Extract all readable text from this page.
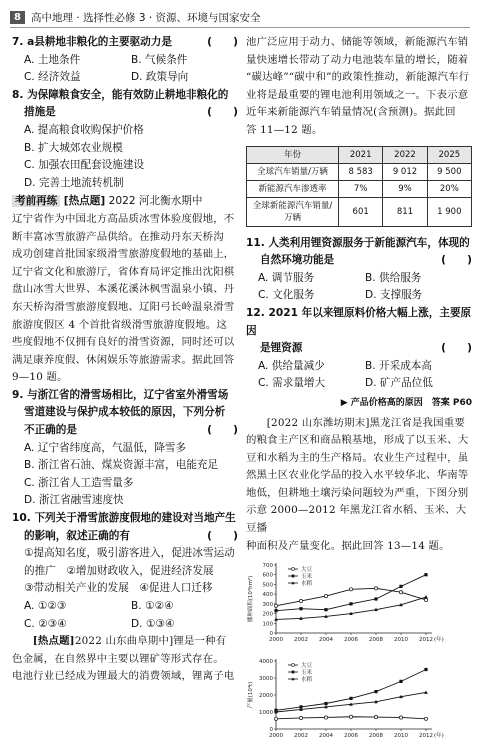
8 高中地理 · 选择性必修 3 · 资源、环境与国家安全
7. a县耕地非粮化的主要驱动力是	(　　)
A. 土地条件	B. 气候条件
C. 经济效益	D. 政策导向
8. 为保障粮食安全，能有效防止耕地非粮化的
措施是	(　　)
A. 提高粮食收购保护价格
B. 扩大城郊农业规模
C. 加强农田配套设施建设
D. 完善土地流转机制
考前再练 [热点题] 2022 河北衡水期中
辽宁省作为中国北方高品质冰雪体验度假地，不
断丰富冰雪旅游产品供给。在推动丹东天桥沟
成功创建首批国家级滑雪旅游度假地的基础上，
辽宁省文化和旅游厅，省体育局评定推出沈阳棋
盘山冰雪大世界、本溪花溪沐枫雪温泉小镇、丹
东天桥沟滑雪旅游度假地、辽阳弓长岭温泉滑雪
旅游度假区 4 个首批省级滑雪旅游度假地。这
些度假地不仅拥有良好的滑雪资源，同时还可以
满足康养度假、休闲娱乐等旅游需求。据此回答
9—10 题。
9. 与浙江省的滑雪场相比，辽宁省室外滑雪场
雪道建设与保护成本较低的原因，下列分析
不正确的是	(　　)
A. 辽宁省纬度高，气温低，降雪多
B. 浙江省石油、煤炭资源丰富，电能充足
C. 浙江省人工造雪量多
D. 浙江省融雪速度快
10. 下列关于滑雪旅游度假地的建设对当地产生
的影响，叙述正确的有	(　　)
①提高知名度，吸引游客进入，促进冰雪运动
的推广　②增加财政收入，促进经济发展
③带动相关产业的发展　④促进人口迁移
A. ①②③	B. ①②④
C. ②③④	D. ①③④
[热点题]2022 山东曲阜期中]锂是一种有
色金属，在自然界中主要以锂矿等形式存在。
电池行业已经成为锂最大的消费领域，锂离子电
池广泛应用于动力、储能等领域，新能源汽车销
量快速增长带动了动力电池装车量的增长，随着
“碳达峰”“碳中和”的政策性推动，新能源汽车行
业将是最重要的锂电池利用领域之一。下表示意
近年来新能源汽车销量情况(含预测)。据此回
答 11—12 题。
年份	2021	2022	2025
全球汽车销量/万辆	8 583	9 012	9 500
新能源汽车渗透率	7%	9%	20%
全球新能源汽车销量/万辆	601	811	1 900
11. 人类利用锂资源服务于新能源汽车，体现的
自然环境功能是	(　　)
A. 调节服务	B. 供给服务
C. 文化服务	D. 支撑服务
12. 2021 年以来锂原料价格大幅上涨，主要原因
是锂资源	(　　)
A. 供给量减少	B. 开采成本高
C. 需求量增大	D. 矿产品位低
▶ 产品价格高的原因　答案 P60
[2022 山东潍坊期末]黑龙江省是我国重要
的粮食主产区和商品粮基地，形成了以玉米、大
豆和水稻为主的生产格局。农业生产过程中，虽
然黑土区农业化学品的投入水平较华北、华南等
地低，但耕地土壤污染问题较为严重，下图分别
示意 2000—2012 年黑龙江省水稻、玉米、大豆播
种面积及产量变化。据此回答 13—14 题。
0
100
200
300
400
500
600
700
2000 2002 2004 2006 2008 2010 2012 (年)
播种面积(10⁴hm²)
大豆
玉米
水稻
0
1000
2000
3000
4000
2000 2002 2004 2006 2008 2010 2012 (年)
产量(10⁴t)
大豆
玉米
水稻
